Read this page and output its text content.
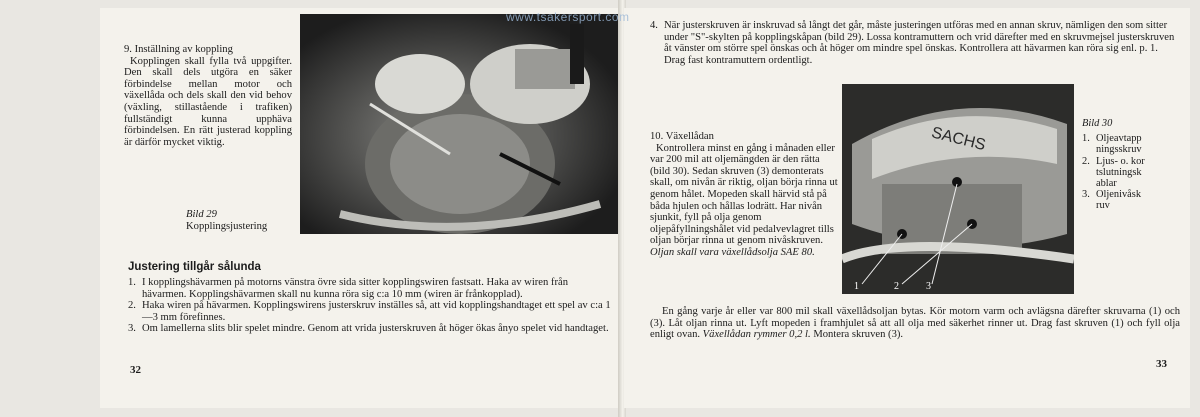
9. Inställning av koppling

Kopplingen skall fylla två uppgifter. Den skall dels utgöra en säker förbindelse mellan motor och växellåda och dels skall den vid behov (växling, stillastående i trafiken) fullständigt kunna upphäva förbindelsen. En rätt justerad koppling är därför mycket viktig.

Bild 29

Kopplingsjustering

Justering tillgår sålunda
1. I kopplingshävarmen på motorns vänstra övre sida sitter kopplingswiren fastsatt. Haka av wiren från hävarmen. Kopplingshävarmen skall nu kunna röra sig c:a 10 mm (wiren är frånkopplad).
2. Haka wiren på hävarmen. Kopplingswirens justerskruv inställes så, att vid kopplingshandtaget ett spel av c:a 1—3 mm förefinnes.
3. Om lamellerna slits blir spelet mindre. Genom att vrida justerskruven åt höger ökas ånyo spelet vid handtaget.
32
www.tsakersport.com
4. När justerskruven är inskruvad så långt det går, måste justeringen utföras med en annan skruv, nämligen den som sitter under "S"-skylten på kopplingskåpan (bild 29). Lossa kontramuttern och vrid därefter med en skruvmejsel justerskruven åt vänster om större spel önskas och åt höger om mindre spel önskas. Kontrollera att hävarmen kan röra sig enl. p. 1. Drag fast kontramuttern ordentligt.
SACHS
1	2	3

Bild 30

1. Oljeavtappningsskruv
2. Ljus- o. kortslutningskablar
3. Oljenivåskruv

10. Växellådan

Kontrollera minst en gång i månaden eller var 200 mil att oljemängden är den rätta (bild 30). Sedan skruven (3) demonterats skall, om nivån är riktig, oljan börja rinna ut genom hålet. Mopeden skall härvid stå på båda hjulen och hållas lodrätt. Har nivån sjunkit, fyll på olja genom oljepåfyllningshålet vid pedalvevlagret tills oljan börjar rinna ut genom nivåskruven.

Oljan skall vara växellådsolja SAE 80.

En gång varje år eller var 800 mil skall växellådsoljan bytas. Kör motorn varm och avlägsna därefter skruvarna (1) och (3). Låt oljan rinna ut. Lyft mopeden i framhjulet så att all olja med säkerhet rinner ut. Drag fast skruven (1) och fyll olja enligt ovan. Växellådan rymmer 0,2 l. Montera skruven (3).
33
